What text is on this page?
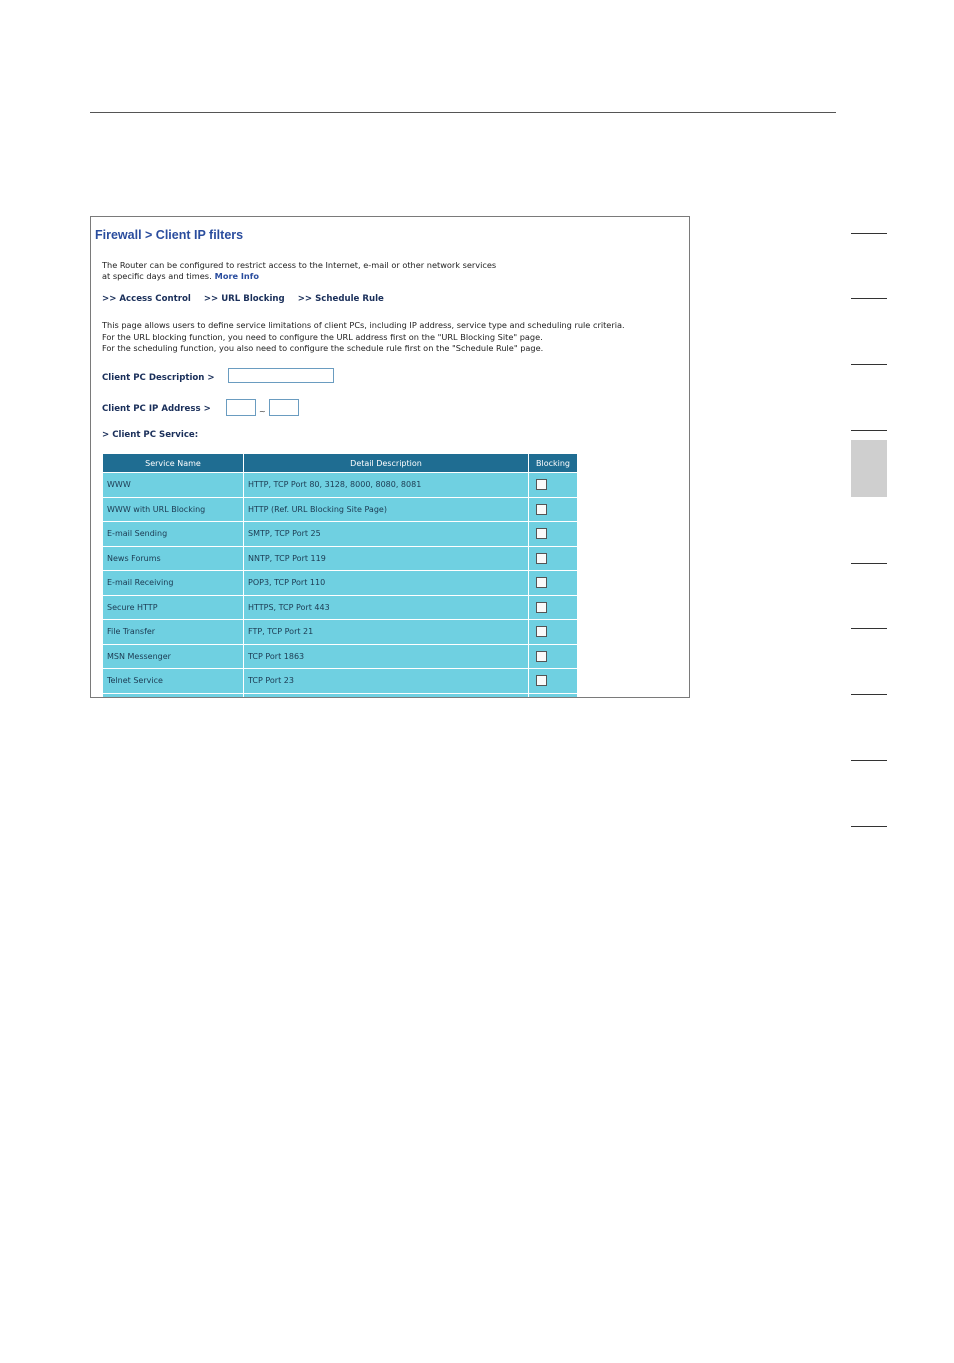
Firewall > Client IP filters
The Router can be configured to restrict access to the Internet, e-mail or other network services
at specific days and times. More Info
>> Access Control >> URL Blocking >> Schedule Rule
This page allows users to define service limitations of client PCs, including IP address, service type and scheduling rule criteria.
For the URL blocking function, you need to configure the URL address first on the "URL Blocking Site" page.
For the scheduling function, you also need to configure the schedule rule first on the "Schedule Rule" page.
Client PC Description >
Client PC IP Address >	~
> Client PC Service:
Service Name	Detail Description	Blocking
WWW	HTTP, TCP Port 80, 3128, 8000, 8080, 8081	
WWW with URL Blocking	HTTP (Ref. URL Blocking Site Page)	
E-mail Sending	SMTP, TCP Port 25	
News Forums	NNTP, TCP Port 119	
E-mail Receiving	POP3, TCP Port 110	
Secure HTTP	HTTPS, TCP Port 443	
File Transfer	FTP, TCP Port 21	
MSN Messenger	TCP Port 1863	
Telnet Service	TCP Port 23	
